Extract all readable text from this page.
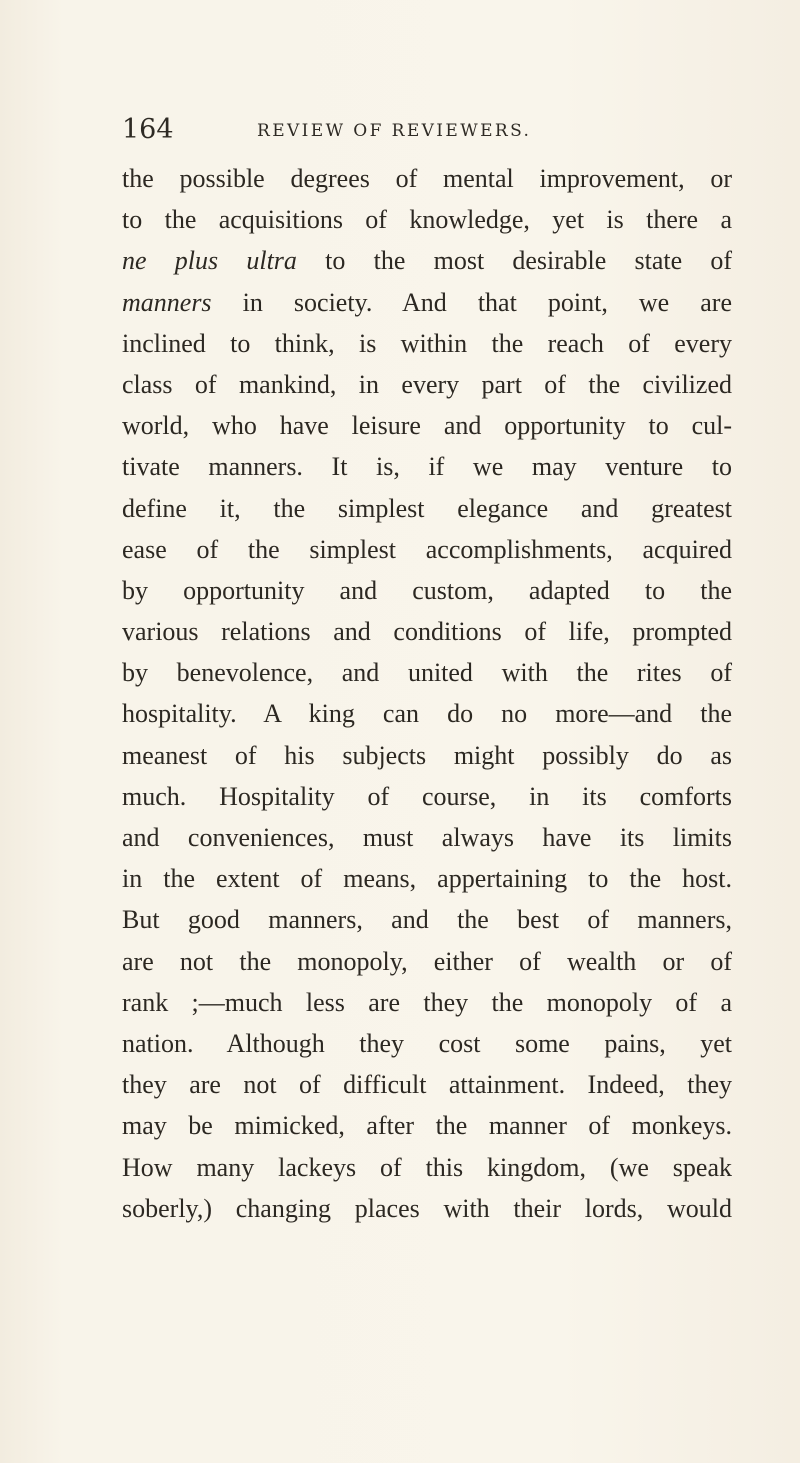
164	REVIEW OF REVIEWERS.
the possible degrees of mental improvement, or
to the acquisitions of knowledge, yet is there a
ne plus ultra to the most desirable state of
manners in society. And that point, we are
inclined to think, is within the reach of every
class of mankind, in every part of the civilized
world, who have leisure and opportunity to cul-
tivate manners. It is, if we may venture to
define it, the simplest elegance and greatest
ease of the simplest accomplishments, acquired
by opportunity and custom, adapted to the
various relations and conditions of life, prompted
by benevolence, and united with the rites of
hospitality. A king can do no more—and the
meanest of his subjects might possibly do as
much. Hospitality of course, in its comforts
and conveniences, must always have its limits
in the extent of means, appertaining to the host.
But good manners, and the best of manners,
are not the monopoly, either of wealth or of
rank ;—much less are they the monopoly of a
nation. Although they cost some pains, yet
they are not of difficult attainment. Indeed, they
may be mimicked, after the manner of monkeys.
How many lackeys of this kingdom, (we speak
soberly,) changing places with their lords, would
